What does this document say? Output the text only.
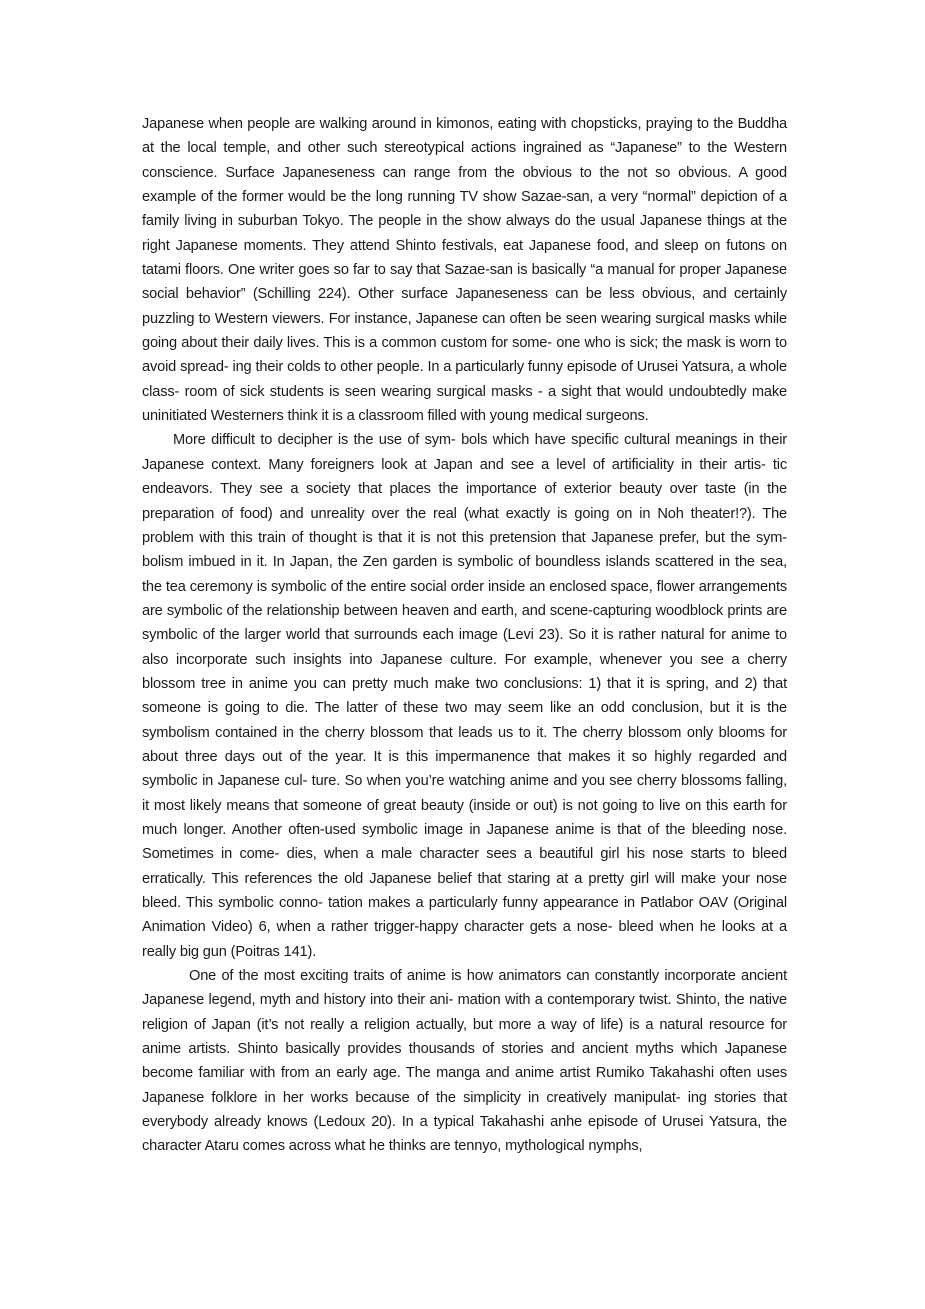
Japanese when people are walking around in kimonos, eating with chopsticks, praying to the Buddha at the local temple, and other such stereotypical actions ingrained as “Japanese” to the Western conscience. Surface Japaneseness can range from the obvious to the not so obvious. A good example of the former would be the long running TV show Sazae-san, a very “normal” depiction of a family living in suburban Tokyo. The people in the show always do the usual Japanese things at the right Japanese moments. They attend Shinto festivals, eat Japanese food, and sleep on futons on tatami floors. One writer goes so far to say that Sazae-san is basically “a manual for proper Japanese social behavior” (Schilling 224). Other surface Japaneseness can be less obvious, and certainly puzzling to Western viewers. For instance, Japanese can often be seen wearing surgical masks while going about their daily lives. This is a common custom for some- one who is sick; the mask is worn to avoid spread- ing their colds to other people. In a particularly funny episode of Urusei Yatsura, a whole class- room of sick students is seen wearing surgical masks - a sight that would undoubtedly make uninitiated Westerners think it is a classroom filled with young medical surgeons.

More difficult to decipher is the use of sym- bols which have specific cultural meanings in their Japanese context. Many foreigners look at Japan and see a level of artificiality in their artis- tic endeavors. They see a society that places the importance of exterior beauty over taste (in the preparation of food) and unreality over the real (what exactly is going on in Noh theater!?). The problem with this train of thought is that it is not this pretension that Japanese prefer, but the sym- bolism imbued in it. In Japan, the Zen garden is symbolic of boundless islands scattered in the sea, the tea ceremony is symbolic of the entire social order inside an enclosed space, flower arrangements are symbolic of the relationship between heaven and earth, and scene-capturing woodblock prints are symbolic of the larger world that surrounds each image (Levi 23). So it is rather natural for anime to also incorporate such insights into Japanese culture. For example, whenever you see a cherry blossom tree in anime you can pretty much make two conclusions: 1) that it is spring, and 2) that someone is going to die. The latter of these two may seem like an odd conclusion, but it is the symbolism contained in the cherry blossom that leads us to it. The cherry blossom only blooms for about three days out of the year. It is this impermanence that makes it so highly regarded and symbolic in Japanese cul- ture. So when you’re watching anime and you see cherry blossoms falling, it most likely means that someone of great beauty (inside or out) is not going to live on this earth for much longer. Another often-used symbolic image in Japanese anime is that of the bleeding nose. Sometimes in come- dies, when a male character sees a beautiful girl his nose starts to bleed erratically. This references the old Japanese belief that staring at a pretty girl will make your nose bleed. This symbolic conno- tation makes a particularly funny appearance in Patlabor OAV (Original Animation Video) 6, when a rather trigger-happy character gets a nose- bleed when he looks at a really big gun (Poitras 141).

One of the most exciting traits of anime is how animators can constantly incorporate ancient Japanese legend, myth and history into their ani- mation with a contemporary twist. Shinto, the native religion of Japan (it’s not really a religion actually, but more a way of life) is a natural resource for anime artists. Shinto basically provides thousands of stories and ancient myths which Japanese become familiar with from an early age. The manga and anime artist Rumiko Takahashi often uses Japanese folklore in her works because of the simplicity in creatively manipulat- ing stories that everybody already knows (Ledoux 20). In a typical Takahashi anhe episode of Urusei Yatsura, the character Ataru comes across what he thinks are tennyo, mythological nymphs,
